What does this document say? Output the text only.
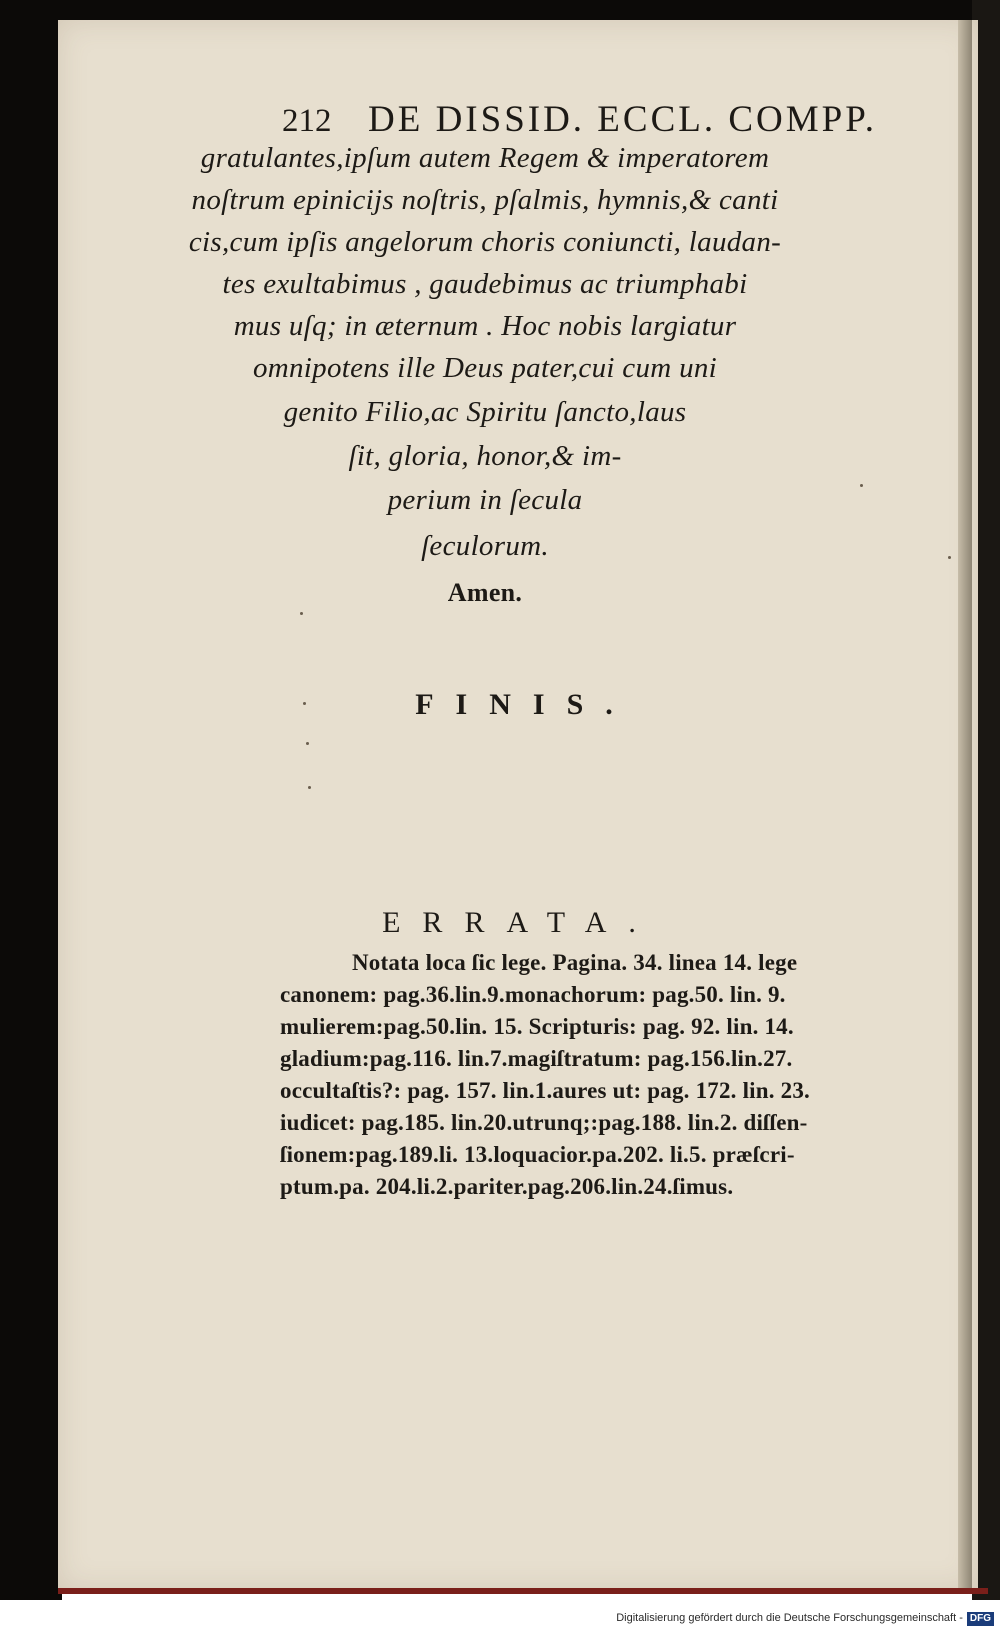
212 DE DISSID. ECCL. COMPP.
gratulantes,ipſum autem Regem & imperatorem
noſtrum epinicijs noſtris, pſalmis, hymnis,& canti
cis,cum ipſis angelorum choris coniuncti, laudan-
tes exultabimus , gaudebimus ac triumphabi
mus uſq; in æternum . Hoc nobis largiatur
omnipotens ille Deus pater,cui cum uni
genito Filio,ac Spiritu ſancto,laus
ſit, gloria, honor,& im-
perium in ſecula
ſeculorum.
Amen.
FINIS.
ERRATA.
Notata loca ſic lege. Pagina. 34. linea 14. lege
canonem: pag.36.lin.9.monachorum: pag.50. lin. 9.
mulierem:pag.50.lin. 15. Scripturis: pag. 92. lin. 14.
gladium:pag.116. lin.7.magiſtratum: pag.156.lin.27.
occultaſtis?: pag. 157. lin.1.aures ut: pag. 172. lin. 23.
iudicet: pag.185. lin.20.utrunq;:pag.188. lin.2. diſſen-
ſionem:pag.189.li. 13.loquacior.pa.202. li.5. præſcri-
ptum.pa. 204.li.2.pariter.pag.206.lin.24.ſimus.
Digitalisierung gefördert durch die Deutsche Forschungsgemeinschaft - DFG
